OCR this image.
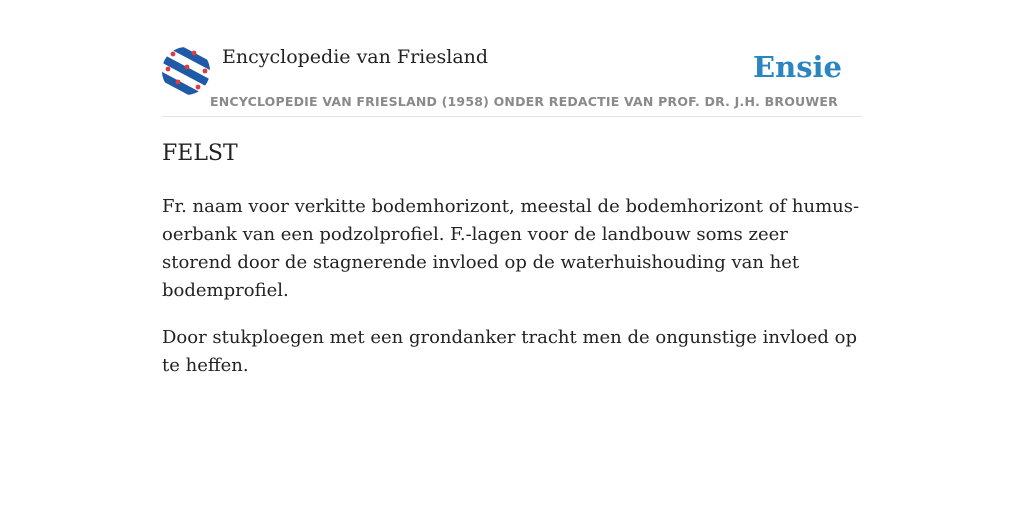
Encyclopedie van Friesland	Ensie
ENCYCLOPEDIE VAN FRIESLAND (1958) ONDER REDACTIE VAN PROF. DR. J.H. BROUWER
FELST

Fr. naam voor verkitte bodemhorizont, meestal de bodemhorizont of humus-oerbank van een podzolprofiel. F.-lagen voor de landbouw soms zeer storend door de stagnerende invloed op de waterhuishouding van het bodemprofiel.

Door stukploegen met een grondanker tracht men de ongunstige invloed op te heffen.
